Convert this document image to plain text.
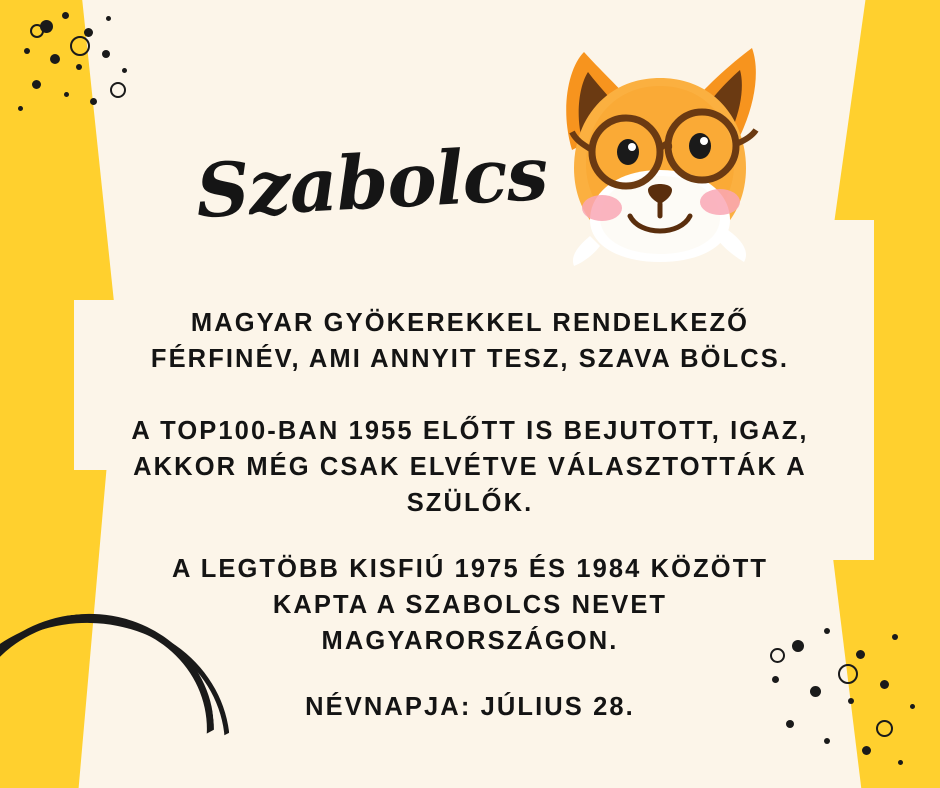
Szabolcs

MAGYAR GYÖKEREKKEL RENDELKEZŐ FÉRFINÉV, AMI ANNYIT TESZ, SZAVA BÖLCS.

A TOP100-BAN 1955 ELŐTT IS BEJUTOTT, IGAZ, AKKOR MÉG CSAK ELVÉTVE VÁLASZTOTTÁK A SZÜLŐK.

A LEGTÖBB KISFIÚ 1975 ÉS 1984 KÖZÖTT KAPTA A SZABOLCS NEVET MAGYARORSZÁGON.

NÉVNAPJA: JÚLIUS 28.
